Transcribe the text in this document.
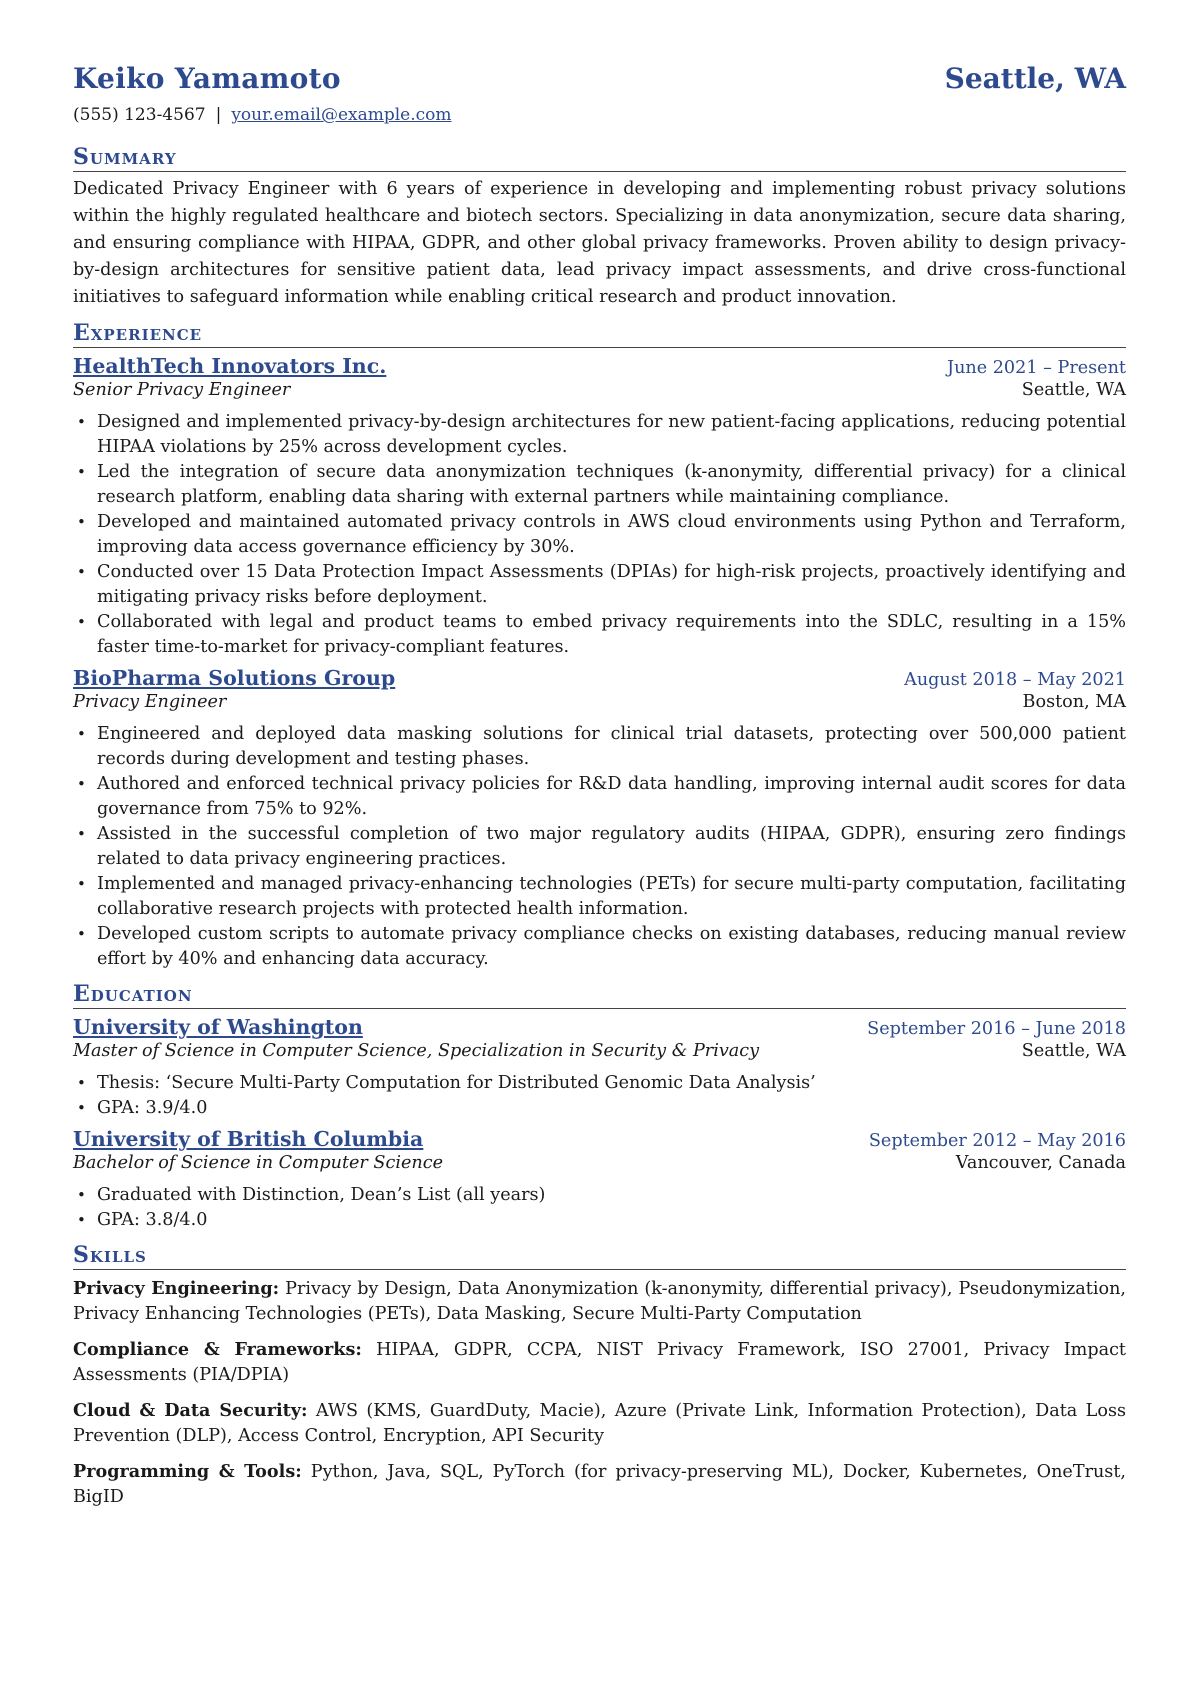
Keiko Yamamoto	Seattle, WA
(555) 123-4567 | your.email@example.com
Summary
Dedicated Privacy Engineer with 6 years of experience in developing and implementing robust privacy solutions within the highly regulated healthcare and biotech sectors. Specializing in data anonymization, secure data sharing, and ensuring compliance with HIPAA, GDPR, and other global privacy frameworks. Proven ability to design privacy-by-design architectures for sensitive patient data, lead privacy impact assessments, and drive cross-functional initiatives to safeguard information while enabling critical research and product innovation.
Experience
HealthTech Innovators Inc.	June 2021 – Present
Senior Privacy Engineer	Seattle, WA
• Designed and implemented privacy-by-design architectures for new patient-facing applications, reducing potential HIPAA violations by 25% across development cycles.
• Led the integration of secure data anonymization techniques (k-anonymity, differential privacy) for a clinical research platform, enabling data sharing with external partners while maintaining compliance.
• Developed and maintained automated privacy controls in AWS cloud environments using Python and Terraform, improving data access governance efficiency by 30%.
• Conducted over 15 Data Protection Impact Assessments (DPIAs) for high-risk projects, proactively identifying and mitigating privacy risks before deployment.
• Collaborated with legal and product teams to embed privacy requirements into the SDLC, resulting in a 15% faster time-to-market for privacy-compliant features.
BioPharma Solutions Group	August 2018 – May 2021
Privacy Engineer	Boston, MA
• Engineered and deployed data masking solutions for clinical trial datasets, protecting over 500,000 patient records during development and testing phases.
• Authored and enforced technical privacy policies for R&D data handling, improving internal audit scores for data governance from 75% to 92%.
• Assisted in the successful completion of two major regulatory audits (HIPAA, GDPR), ensuring zero findings related to data privacy engineering practices.
• Implemented and managed privacy-enhancing technologies (PETs) for secure multi-party computation, facilitating collaborative research projects with protected health information.
• Developed custom scripts to automate privacy compliance checks on existing databases, reducing manual review effort by 40% and enhancing data accuracy.
Education
University of Washington	September 2016 – June 2018
Master of Science in Computer Science, Specialization in Security & Privacy	Seattle, WA
• Thesis: ‘Secure Multi-Party Computation for Distributed Genomic Data Analysis’
• GPA: 3.9/4.0
University of British Columbia	September 2012 – May 2016
Bachelor of Science in Computer Science	Vancouver, Canada
• Graduated with Distinction, Dean’s List (all years)
• GPA: 3.8/4.0
Skills
Privacy Engineering: Privacy by Design, Data Anonymization (k-anonymity, differential privacy), Pseudonymization, Privacy Enhancing Technologies (PETs), Data Masking, Secure Multi-Party Computation
Compliance & Frameworks: HIPAA, GDPR, CCPA, NIST Privacy Framework, ISO 27001, Privacy Impact Assessments (PIA/DPIA)
Cloud & Data Security: AWS (KMS, GuardDuty, Macie), Azure (Private Link, Information Protection), Data Loss Prevention (DLP), Access Control, Encryption, API Security
Programming & Tools: Python, Java, SQL, PyTorch (for privacy-preserving ML), Docker, Kubernetes, OneTrust, BigID
